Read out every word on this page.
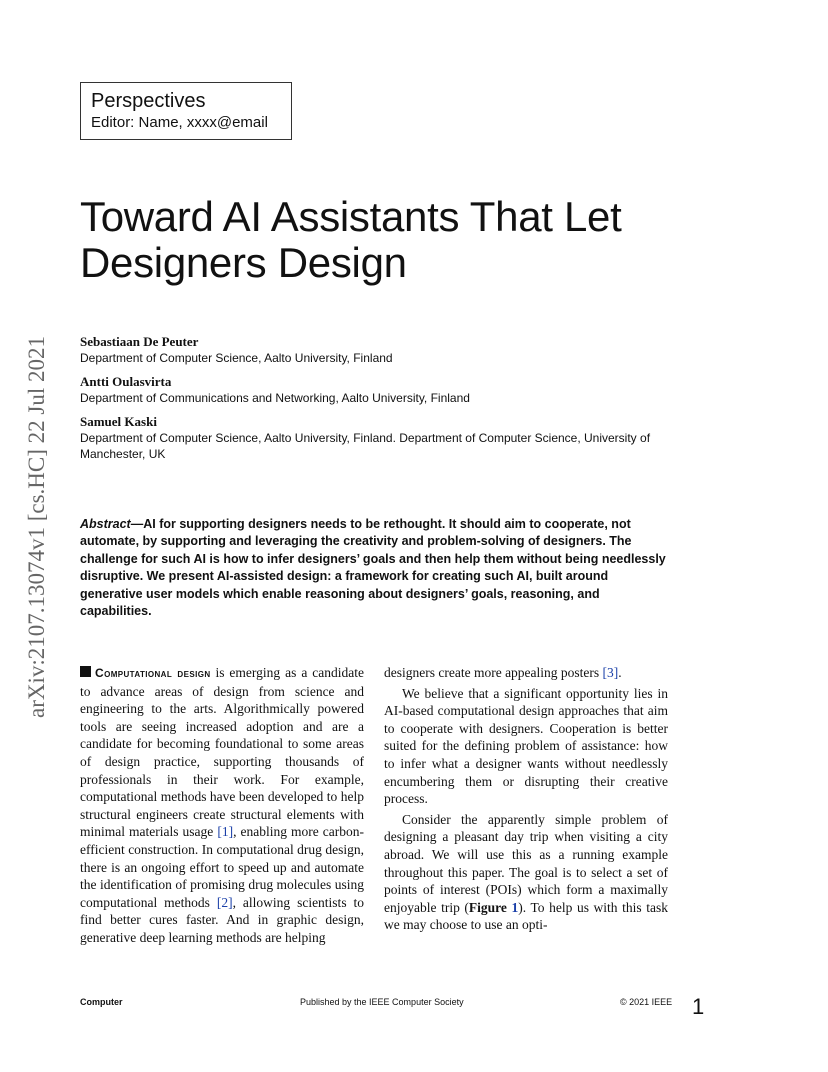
Perspectives
Editor: Name, xxxx@email
Toward AI Assistants That Let Designers Design
Sebastiaan De Peuter
Department of Computer Science, Aalto University, Finland
Antti Oulasvirta
Department of Communications and Networking, Aalto University, Finland
Samuel Kaski
Department of Computer Science, Aalto University, Finland. Department of Computer Science, University of Manchester, UK
Abstract—AI for supporting designers needs to be rethought. It should aim to cooperate, not automate, by supporting and leveraging the creativity and problem-solving of designers. The challenge for such AI is how to infer designers’ goals and then help them without being needlessly disruptive. We present AI-assisted design: a framework for creating such AI, built around generative user models which enable reasoning about designers’ goals, reasoning, and capabilities.
arXiv:2107.13074v1 [cs.HC] 22 Jul 2021	Computational design is emerging as a candidate to advance areas of design from science and engineering to the arts. Algorithmically powered tools are seeing increased adoption and are a candidate for becoming foundational to some areas of design practice, supporting thousands of professionals in their work. For example, computational methods have been developed to help structural engineers create structural elements with minimal materials usage [1], enabling more carbon-efficient construction. In computational drug design, there is an ongoing effort to speed up and automate the identification of promising drug molecules using computational methods [2], allowing scientists to find better cures faster. And in graphic design, generative deep learning methods are helping

designers create more appealing posters [3].

We believe that a significant opportunity lies in AI-based computational design approaches that aim to cooperate with designers. Cooperation is better suited for the defining problem of assistance: how to infer what a designer wants without needlessly encumbering them or disrupting their creative process.

Consider the apparently simple problem of designing a pleasant day trip when visiting a city abroad. We will use this as a running example throughout this paper. The goal is to select a set of points of interest (POIs) which form a maximally enjoyable trip (Figure 1). To help us with this task we may choose to use an opti-

Computer	Published by the IEEE Computer Society	© 2021 IEEE 1
